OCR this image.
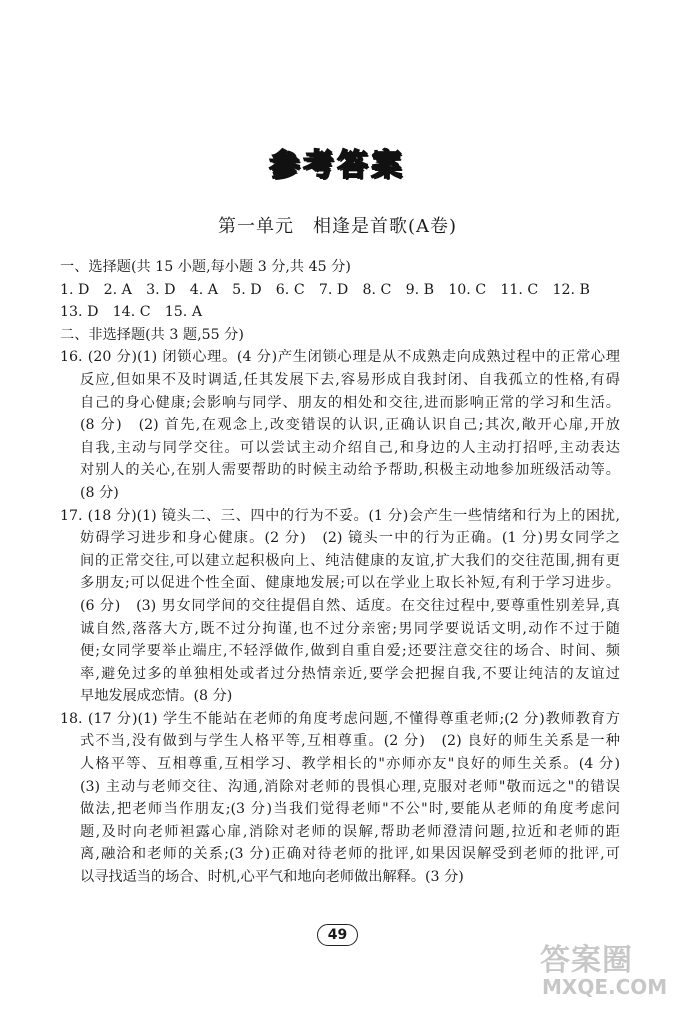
参考答案
第一单元　相逢是首歌(A卷)
一、选择题(共 15 小题,每小题 3 分,共 45 分)
1. D　2. A　3. D　4. A　5. D　6. C　7. D　8. C　9. B　10. C　11. C　12. B
13. D　14. C　15. A
二、非选择题(共 3 题,55 分)
16. (20 分)(1) 闭锁心理。(4 分)产生闭锁心理是从不成熟走向成熟过程中的正常心理
反应,但如果不及时调适,任其发展下去,容易形成自我封闭、自我孤立的性格,有碍
自己的身心健康;会影响与同学、朋友的相处和交往,进而影响正常的学习和生活。
(8 分)　(2) 首先,在观念上,改变错误的认识,正确认识自己;其次,敞开心扉,开放
自我,主动与同学交往。可以尝试主动介绍自己,和身边的人主动打招呼,主动表达
对别人的关心,在别人需要帮助的时候主动给予帮助,积极主动地参加班级活动等。
(8 分)
17. (18 分)(1) 镜头二、三、四中的行为不妥。(1 分)会产生一些情绪和行为上的困扰,
妨碍学习进步和身心健康。(2 分)　(2) 镜头一中的行为正确。(1 分)男女同学之
间的正常交往,可以建立起积极向上、纯洁健康的友谊,扩大我们的交往范围,拥有更
多朋友;可以促进个性全面、健康地发展;可以在学业上取长补短,有利于学习进步。
(6 分)　(3) 男女同学间的交往提倡自然、适度。在交往过程中,要尊重性别差异,真
诚自然,落落大方,既不过分拘谨,也不过分亲密;男同学要说话文明,动作不过于随
便;女同学要举止端庄,不轻浮做作,做到自重自爱;还要注意交往的场合、时间、频
率,避免过多的单独相处或者过分热情亲近,要学会把握自我,不要让纯洁的友谊过
早地发展成恋情。(8 分)
18. (17 分)(1) 学生不能站在老师的角度考虑问题,不懂得尊重老师;(2 分)教师教育方
式不当,没有做到与学生人格平等,互相尊重。(2 分)　(2) 良好的师生关系是一种
人格平等、互相尊重,互相学习、教学相长的"亦师亦友"良好的师生关系。(4 分)
(3) 主动与老师交往、沟通,消除对老师的畏惧心理,克服对老师"敬而远之"的错误
做法,把老师当作朋友;(3 分)当我们觉得老师"不公"时,要能从老师的角度考虑问
题,及时向老师袒露心扉,消除对老师的误解,帮助老师澄清问题,拉近和老师的距
离,融洽和老师的关系;(3 分)正确对待老师的批评,如果因误解受到老师的批评,可
以寻找适当的场合、时机,心平气和地向老师做出解释。(3 分)
49
答案圈
MXQE.COM
